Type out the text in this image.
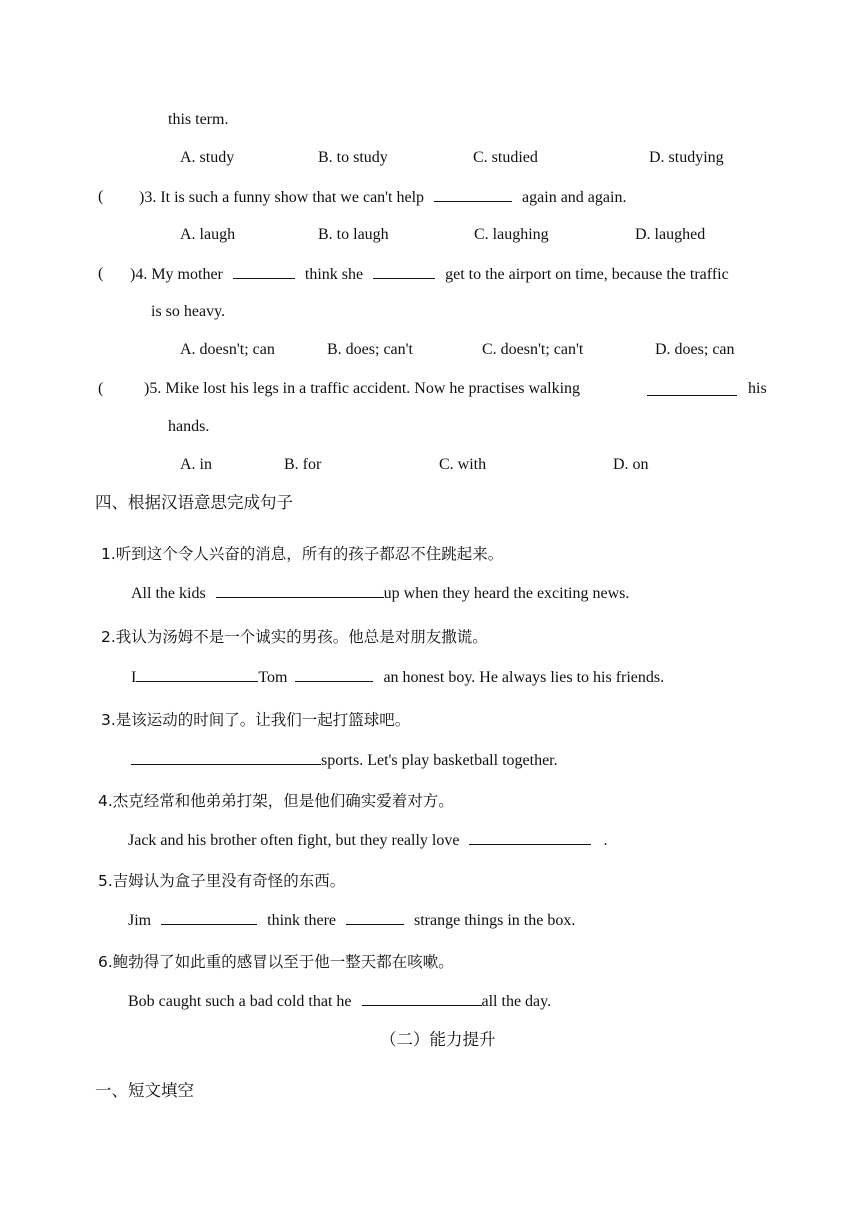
this term.
A. study	B. to study	C. studied	D. studying
( )3. It is such a funny show that we can't help	again and again.
A. laugh	B. to laugh	C. laughing	D. laughed
( )4. My mother	think she	get to the airport on time, because the traffic
is so heavy.
A. doesn't; can	B. does; can't	C. doesn't; can't	D. does; can
(	)5. Mike lost his legs in a traffic accident. Now he practises walking	his
hands.
A. in	B. for	C. with	D. on
四、根据汉语意思完成句子
1.听到这个令人兴奋的消息，所有的孩子都忍不住跳起来。
All the kids	up when they heard the exciting news.
2.我认为汤姆不是一个诚实的男孩。他总是对朋友撒谎。
I	Tom	an honest boy. He always lies to his friends.
3.是该运动的时间了。让我们一起打篮球吧。
sports. Let's play basketball together.
4.杰克经常和他弟弟打架，但是他们确实爱着对方。
Jack and his brother often fight, but they really love	.
5.吉姆认为盒子里没有奇怪的东西。
Jim	think there	strange things in the box.
6.鲍勃得了如此重的感冒以至于他一整天都在咳嗽。
Bob caught such a bad cold that he	all the day.
（二）能力提升
一、短文填空
